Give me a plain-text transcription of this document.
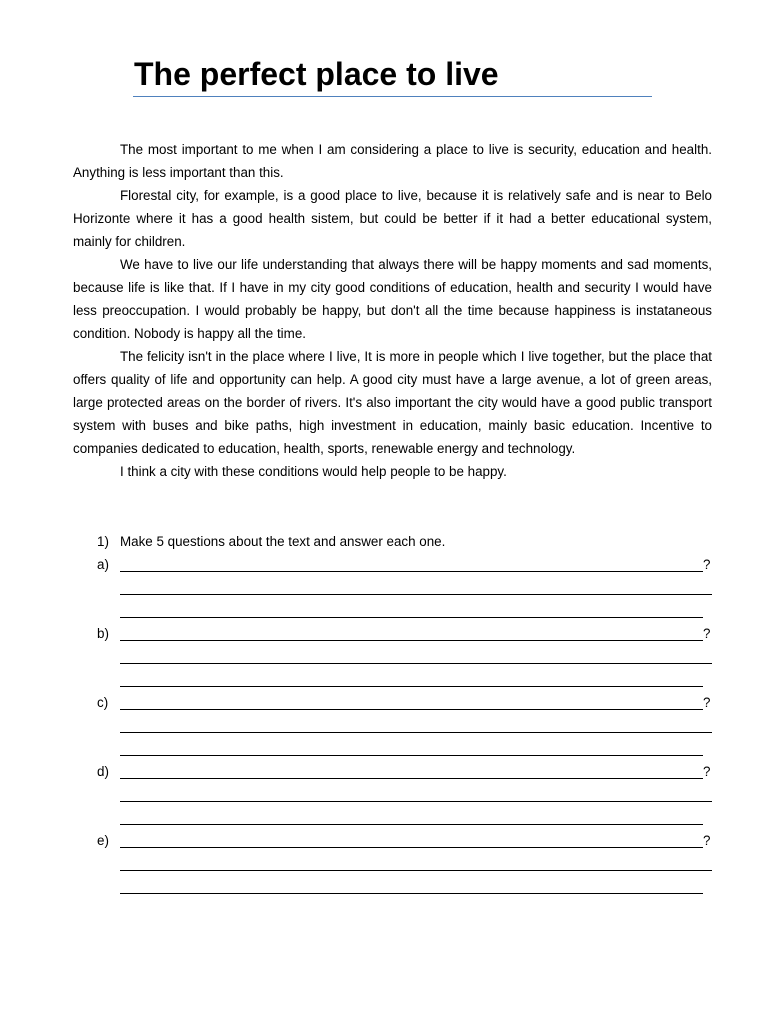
The perfect place to live

The most important to me when I am considering a place to live is security, education and health. Anything is less important than this.

Florestal city, for example, is a good place to live, because it is relatively safe and is near to Belo Horizonte where it has a good health sistem, but could be better if it had a better educational system, mainly for children.

We have to live our life understanding that always there will be happy moments and sad moments, because life is like that. If I have in my city good conditions of education, health and security I would have less preoccupation. I would probably be happy, but don't all the time because happiness is instataneous condition. Nobody is happy all the time.

The felicity isn't in the place where I live, It is more in people which I live together, but the place that offers quality of life and opportunity can help. A good city must have a large avenue, a lot of green areas, large protected areas on the border of rivers. It's also important the city would have a good public transport system with buses and bike paths, high investment in education, mainly basic education. Incentive to companies dedicated to education, health, sports, renewable energy and technology.

I think a city with these conditions would help people to be happy.

1) Make 5 questions about the text and answer each one.
a)	?
b)	?
c)	?
d)	?
e)	?
